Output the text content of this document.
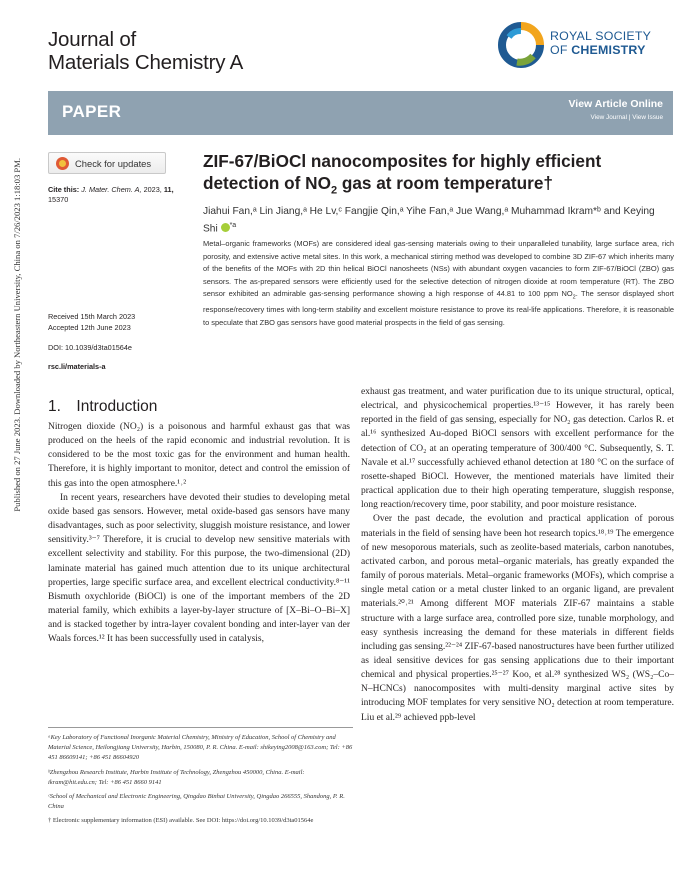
Published on 27 June 2023. Downloaded by Northeastern University, China on 7/26/2023 1:18:03 PM.
Journal of
Materials Chemistry A
ROYAL SOCIETY
OF CHEMISTRY
PAPER	View Article Online
View Journal | View Issue
Check for updates
Cite this: J. Mater. Chem. A, 2023, 11,
15370
ZIF-67/BiOCl nanocomposites for highly efficient detection of $NO_2$ gas at room temperature†
Jiahui Fan,ᵃ Lin Jiang,ᵃ He Lv,ᶜ Fangjie Qin,ᵃ Yihe Fan,ᵃ Jue Wang,ᵃ Muhammad Ikram*ᵇ and Keying Shi $^{*a}$
Metal–organic frameworks (MOFs) are considered ideal gas-sensing materials owing to their unparalleled tunability, large surface area, rich porosity, and extensive active metal sites. In this work, a mechanical stirring method was developed to combine 3D ZIF-67 which inherits many of the benefits of the MOFs with 2D thin helical BiOCl nanosheets (NSs) with abundant oxygen vacancies to form ZIF-67/BiOCl (ZBO) gas sensors. The as-prepared sensors were efficiently used for the selective detection of nitrogen dioxide at room temperature (RT). The ZBO sensor exhibited an admirable gas-sensing performance showing a high response of 44.81 to 100 ppm $NO_2$. The sensor displayed short response/recovery times with long-term stability and excellent moisture resistance to prove its real-life applications. Therefore, it is reasonable to speculate that ZBO gas sensors have good material prospects in the field of gas sensing.
Received 15th March 2023
Accepted 12th June 2023
DOI: 10.1039/d3ta01564e
rsc.li/materials-a
1. Introduction

Nitrogen dioxide (NO₂) is a poisonous and harmful exhaust gas that was produced on the heels of the rapid economic and industrial revolution. It is considered to be the most toxic gas for the environment and human health. Therefore, it is highly important to monitor, detect and control the emission of this gas into the open atmosphere.¹˒²

In recent years, researchers have devoted their studies to developing metal oxide based gas sensors. However, metal oxide-based gas sensors have many disadvantages, such as poor selectivity, sluggish moisture resistance, and lower sensitivity.³⁻⁷ Therefore, it is crucial to develop new sensitive materials with excellent selectivity and stability. For this purpose, the two-dimensional (2D) laminate material has gained much attention due to its unique architectural properties, large specific surface area, and excellent electrical conductivity.⁸⁻¹¹ Bismuth oxychloride (BiOCl) is one of the important members of the 2D material family, which exhibits a layer-by-layer structure of [X–Bi–O–Bi–X] and is stacked together by intra-layer covalent bonding and inter-layer van der Waals forces.¹² It has been successfully used in catalysis,

exhaust gas treatment, and water purification due to its unique structural, optical, electrical, and physicochemical properties.¹³⁻¹⁵ However, it has rarely been reported in the field of gas sensing, especially for NO₂ gas detection. Carlos R. et al.¹⁶ synthesized Au-doped BiOCl sensors with excellent performance for the detection of CO₂ at an operating temperature of 300/400 °C. Subsequently, S. T. Navale et al.¹⁷ successfully achieved ethanol detection at 180 °C on the surface of rosette-shaped BiOCl. However, the mentioned materials have limited their practical application due to their high operating temperature, sluggish response, long reaction/recovery time, poor stability, and poor moisture resistance.

Over the past decade, the evolution and practical application of porous materials in the field of sensing have been hot research topics.¹⁸˒¹⁹ The emergence of new mesoporous materials, such as zeolite-based materials, carbon nanotubes, activated carbon, and porous metal–organic materials, has greatly expanded the family of porous materials. Metal–organic frameworks (MOFs), which comprise a single metal cation or a metal cluster linked to an organic ligand, are prevalent materials.²⁰˒²¹ Among different MOF materials ZIF-67 maintains a stable structure with a large surface area, controlled pore size, tunable morphology, and easy synthesis increasing the demand for these materials in different fields including gas sensing.²²⁻²⁴ ZIF-67-based nanostructures have been further utilized as ideal sensitive devices for gas sensing applications due to their important chemical and physical properties.²⁵⁻²⁷ Koo, et al.²⁸ synthesized WS₂ (WS₂–Co–N–HCNCs) nanocomposites with multi-density marginal active sites by introducing MOF templates for very sensitive NO₂ detection at room temperature. Liu et al.²⁹ achieved ppb-level

ᵃKey Laboratory of Functional Inorganic Material Chemistry, Ministry of Education, School of Chemistry and Material Science, Heilongjiang University, Harbin, 150080, P. R. China. E-mail: shikeying2008@163.com; Tel: +86 451 86609141; +86 451 86604920

ᵇZhengzhou Research Institute, Harbin Institute of Technology, Zhengzhou 450000, China. E-mail: ikram@hit.edu.cn; Tel: +86 451 8660 9141

ᶜSchool of Mechanical and Electronic Engineering, Qingdao Binhai University, Qingdao 266555, Shandong, P. R. China

† Electronic supplementary information (ESI) available. See DOI: https://doi.org/10.1039/d3ta01564e
